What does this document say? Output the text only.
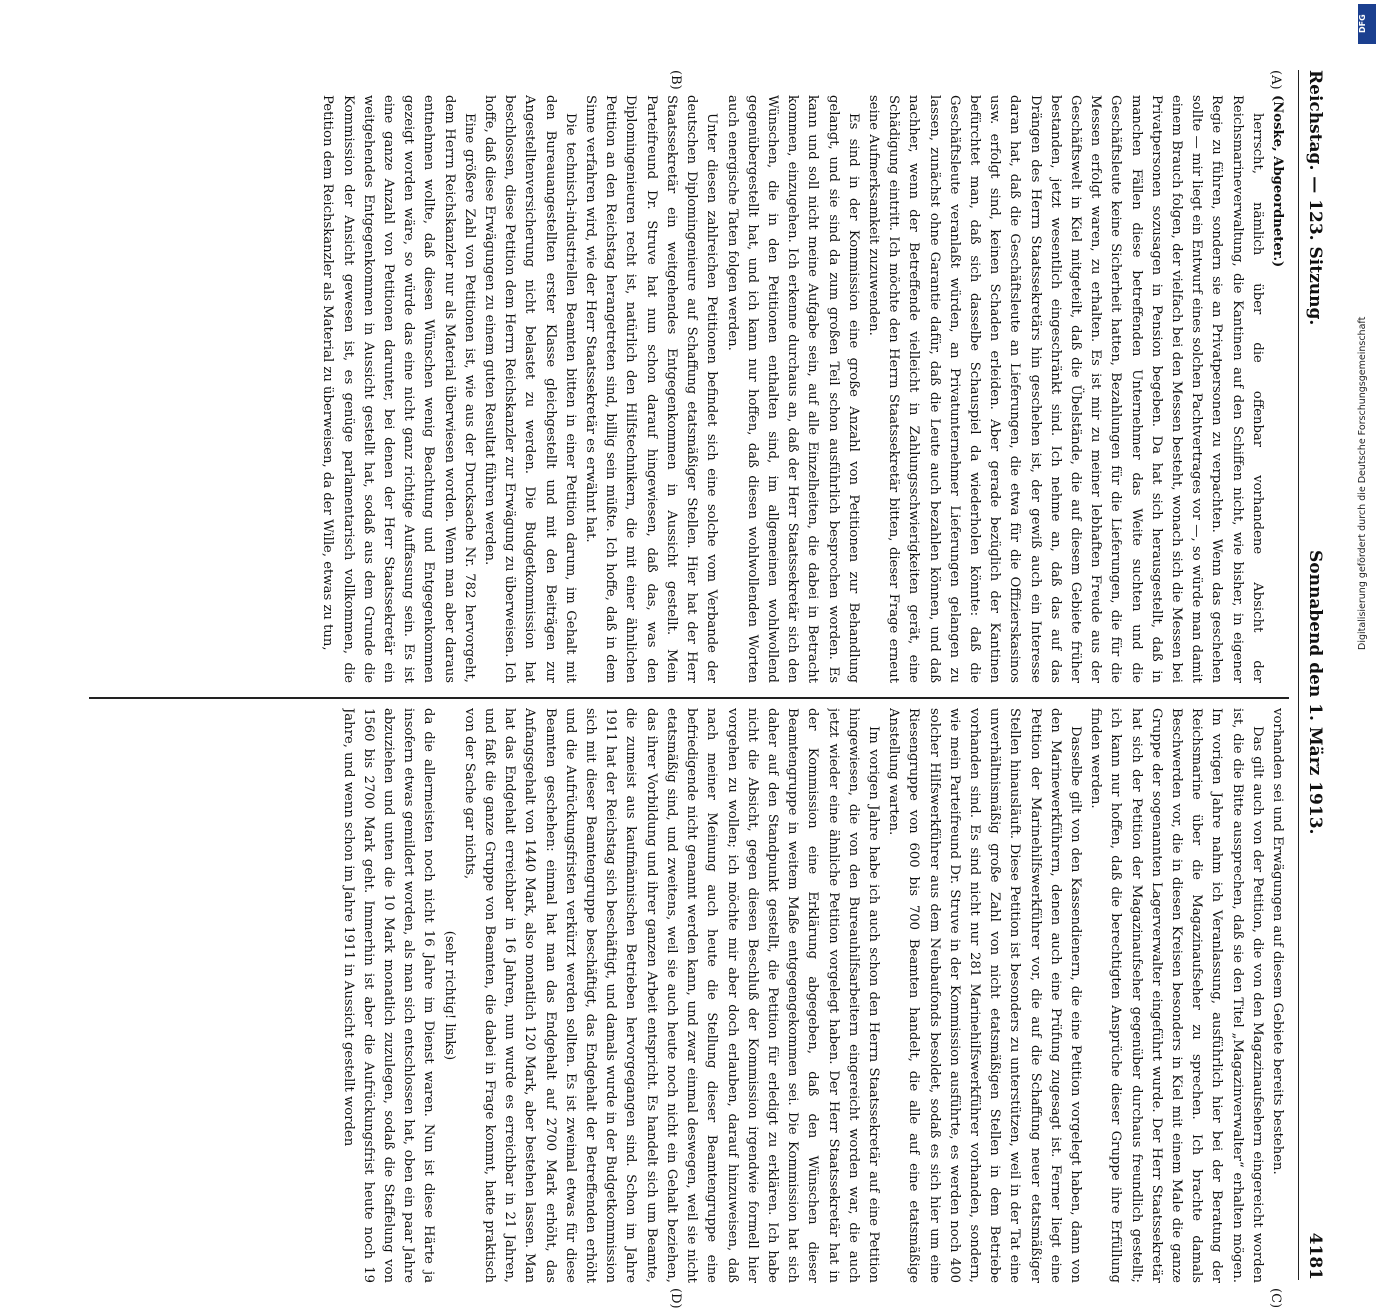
Reichstag. — 123. Sitzung.
Sonnabend den 1. März 1913.
4181
(A)
(B)
(C)
(D)

(Noske, Abgeordneter.)

herrscht, nämlich über die offenbar vorhandene Absicht der Reichsmarineverwaltung, die Kantinen auf den Schiffen nicht, wie bisher, in eigener Regie zu führen, sondern sie an Privatpersonen zu verpachten. Wenn das geschehen sollte — mir liegt ein Entwurf eines solchen Pachtvertrages vor —, so würde man damit einem Brauch folgen, der vielfach bei den Messen besteht, wonach sich die Messen bei Privatpersonen sozusagen in Pension begeben. Da hat sich herausgestellt, daß in manchen Fällen diese betreffenden Unternehmer das Weite suchten und die Geschäftsleute keine Sicherheit hatten, Bezahlungen für die Lieferungen, die für die Messen erfolgt waren, zu erhalten. Es ist mir zu meiner lebhaften Freude aus der Geschäftswelt in Kiel mitgeteilt, daß die Übelstände, die auf diesem Gebiete früher bestanden, jetzt wesentlich eingeschränkt sind. Ich nehme an, daß das auf das Drängen des Herrn Staatssekretärs hin geschehen ist, der gewiß auch ein Interesse daran hat, daß die Geschäftsleute an Lieferungen, die etwa für die Offizierskasinos usw. erfolgt sind, keinen Schaden erleiden. Aber gerade bezüglich der Kantinen befürchtet man, daß sich dasselbe Schauspiel da wiederholen könnte: daß die Geschäftsleute veranlaßt würden, an Privatunternehmer Lieferungen gelangen zu lassen, zunächst ohne Garantie dafür, daß die Leute auch bezahlen können, und daß nachher, wenn der Betreffende vielleicht in Zahlungsschwierigkeiten gerät, eine Schädigung eintritt. Ich möchte den Herrn Staatssekretär bitten, dieser Frage erneut seine Aufmerksamkeit zuzuwenden.

Es sind in der Kommission eine große Anzahl von Petitionen zur Behandlung gelangt, und sie sind da zum großen Teil schon ausführlich besprochen worden. Es kann und soll nicht meine Aufgabe sein, auf alle Einzelheiten, die dabei in Betracht kommen, einzugehen. Ich erkenne durchaus an, daß der Herr Staatssekretär sich den Wünschen, die in den Petitionen enthalten sind, im allgemeinen wohlwollend gegenübergestellt hat, und ich kann nur hoffen, daß diesen wohlwollenden Worten auch energische Taten folgen werden.

Unter diesen zahlreichen Petitionen befindet sich eine solche vom Verbande der deutschen Diplomingenieure auf Schaffung etatsmäßiger Stellen. Hier hat der Herr Staatssekretär ein weitgehendes Entgegenkommen in Aussicht gestellt. Mein Parteifreund Dr. Struve hat nun schon darauf hingewiesen, daß das, was den Diplomingenieuren recht ist, natürlich den Hilfstechnikern, die mit einer ähnlichen Petition an den Reichstag herangetreten sind, billig sein müßte. Ich hoffe, daß in dem Sinne verfahren wird, wie der Herr Staatssekretär es erwähnt hat.

Die technisch-industriellen Beamten bitten in einer Petition darum, im Gehalt mit den Bureauangestellten erster Klasse gleichgestellt und mit den Beiträgen zur Angestelltenversicherung nicht belastet zu werden. Die Budgetkommission hat beschlossen, diese Petition dem Herrn Reichskanzler zur Erwägung zu überweisen. Ich hoffe, daß diese Erwägungen zu einem guten Resultat führen werden.

Eine größere Zahl von Petitionen ist, wie aus der Drucksache Nr. 782 hervorgeht, dem Herrn Reichskanzler nur als Material überwiesen worden. Wenn man aber daraus entnehmen wollte, daß diesen Wünschen wenig Beachtung und Entgegenkommen gezeigt worden wäre, so würde das eine nicht ganz richtige Auffassung sein. Es ist eine ganze Anzahl von Petitionen darunter, bei denen der Herr Staatssekretär ein weitgehendes Entgegenkommen in Aussicht gestellt hat, sodaß aus dem Grunde die Kommission der Ansicht gewesen ist, es genüge parlamentarisch vollkommen, die Petition dem Reichskanzler als Material zu überweisen, da der Wille, etwas zu tun,

vorhanden sei und Erwägungen auf diesem Gebiete bereits bestehen.

Das gilt auch von der Petition, die von den Magazinaufsehern eingereicht worden ist, die die Bitte aussprechen, daß sie den Titel „Magazinverwalter“ erhalten mögen. Im vorigen Jahre nahm ich Veranlassung, ausführlich hier bei der Beratung der Reichsmarine über die Magazinaufseher zu sprechen. Ich brachte damals Beschwerden vor, die in diesen Kreisen besonders in Kiel mit einem Male die ganze Gruppe der sogenannten Lagerverwalter eingeführt wurde. Der Herr Staatssekretär hat sich der Petition der Magazinaufseher gegenüber durchaus freundlich gestellt; ich kann nur hoffen, daß die berechtigten Ansprüche dieser Gruppe ihre Erfüllung finden werden.

Dasselbe gilt von den Kassendienern, die eine Petition vorgelegt haben, dann von den Marinewerkführern, denen auch eine Prüfung zugesagt ist. Ferner liegt eine Petition der Marinehilfswerkführer vor, die auf die Schaffung neuer etatsmäßiger Stellen hinausläuft. Diese Petition ist besonders zu unterstützen, weil in der Tat eine unverhältnismäßig große Zahl von nicht etatsmäßigen Stellen in dem Betriebe vorhanden sind. Es sind nicht nur 281 Marinehilfswerkführer vorhanden, sondern, wie mein Parteifreund Dr. Struve in der Kommission ausführte, es werden noch 400 solcher Hilfswerkführer aus dem Neubaufonds besoldet, sodaß es sich hier um eine Riesengruppe von 600 bis 700 Beamten handelt, die alle auf eine etatsmäßige Anstellung warten.

Im vorigen Jahre habe ich auch schon den Herrn Staatssekretär auf eine Petition hingewiesen, die von den Bureauhilfsarbeitern eingereicht worden war, die auch jetzt wieder eine ähnliche Petition vorgelegt haben. Der Herr Staatssekretär hat in der Kommission eine Erklärung abgegeben, daß den Wünschen dieser Beamtengruppe in weitem Maße entgegengekommen sei. Die Kommission hat sich daher auf den Standpunkt gestellt, die Petition für erledigt zu erklären. Ich habe nicht die Absicht, gegen diesen Beschluß der Kommission irgendwie formell hier vorgehen zu wollen; ich möchte mir aber doch erlauben, darauf hinzuweisen, daß nach meiner Meinung auch heute die Stellung dieser Beamtengruppe eine befriedigende nicht genannt werden kann, und zwar einmal deswegen, weil sie nicht etatsmäßig sind, und zweitens, weil sie auch heute noch nicht ein Gehalt beziehen, das ihrer Vorbildung und ihrer ganzen Arbeit entspricht. Es handelt sich um Beamte, die zumeist aus kaufmännischen Betrieben hervorgegangen sind. Schon im Jahre 1911 hat der Reichstag sich beschäftigt, und damals wurde in der Budgetkommission sich mit dieser Beamtengruppe beschäftigt, das Endgehalt der Betreffenden erhöht und die Aufrückungsfristen verkürzt werden sollten. Es ist zweimal etwas für diese Beamten geschehen: einmal hat man das Endgehalt auf 2700 Mark erhöht, das Anfangsgehalt von 1440 Mark, also monatlich 120 Mark, aber bestehen lassen. Man hat das Endgehalt erreichbar in 16 Jahren, nun wurde es erreichbar in 21 Jahren, und faßt die ganze Gruppe von Beamten, die dabei in Frage kommt, hatte praktisch von der Sache gar nichts,

(sehr richtig! links)

da die allermeisten noch nicht 16 Jahre im Dienst waren. Nun ist diese Härte ja insofern etwas gemildert worden, als man sich entschlossen hat, oben ein paar Jahre abzuziehen und unten die 10 Mark monatlich zuzulegen, sodaß die Staffelung von 1560 bis 2700 Mark geht. Immerhin ist aber die Aufrückungsfrist heute noch 19 Jahre, und wenn schon im Jahre 1911 in Aussicht gestellt worden

DFG
Digitalisierung gefördert durch die Deutsche Forschungsgemeinschaft
